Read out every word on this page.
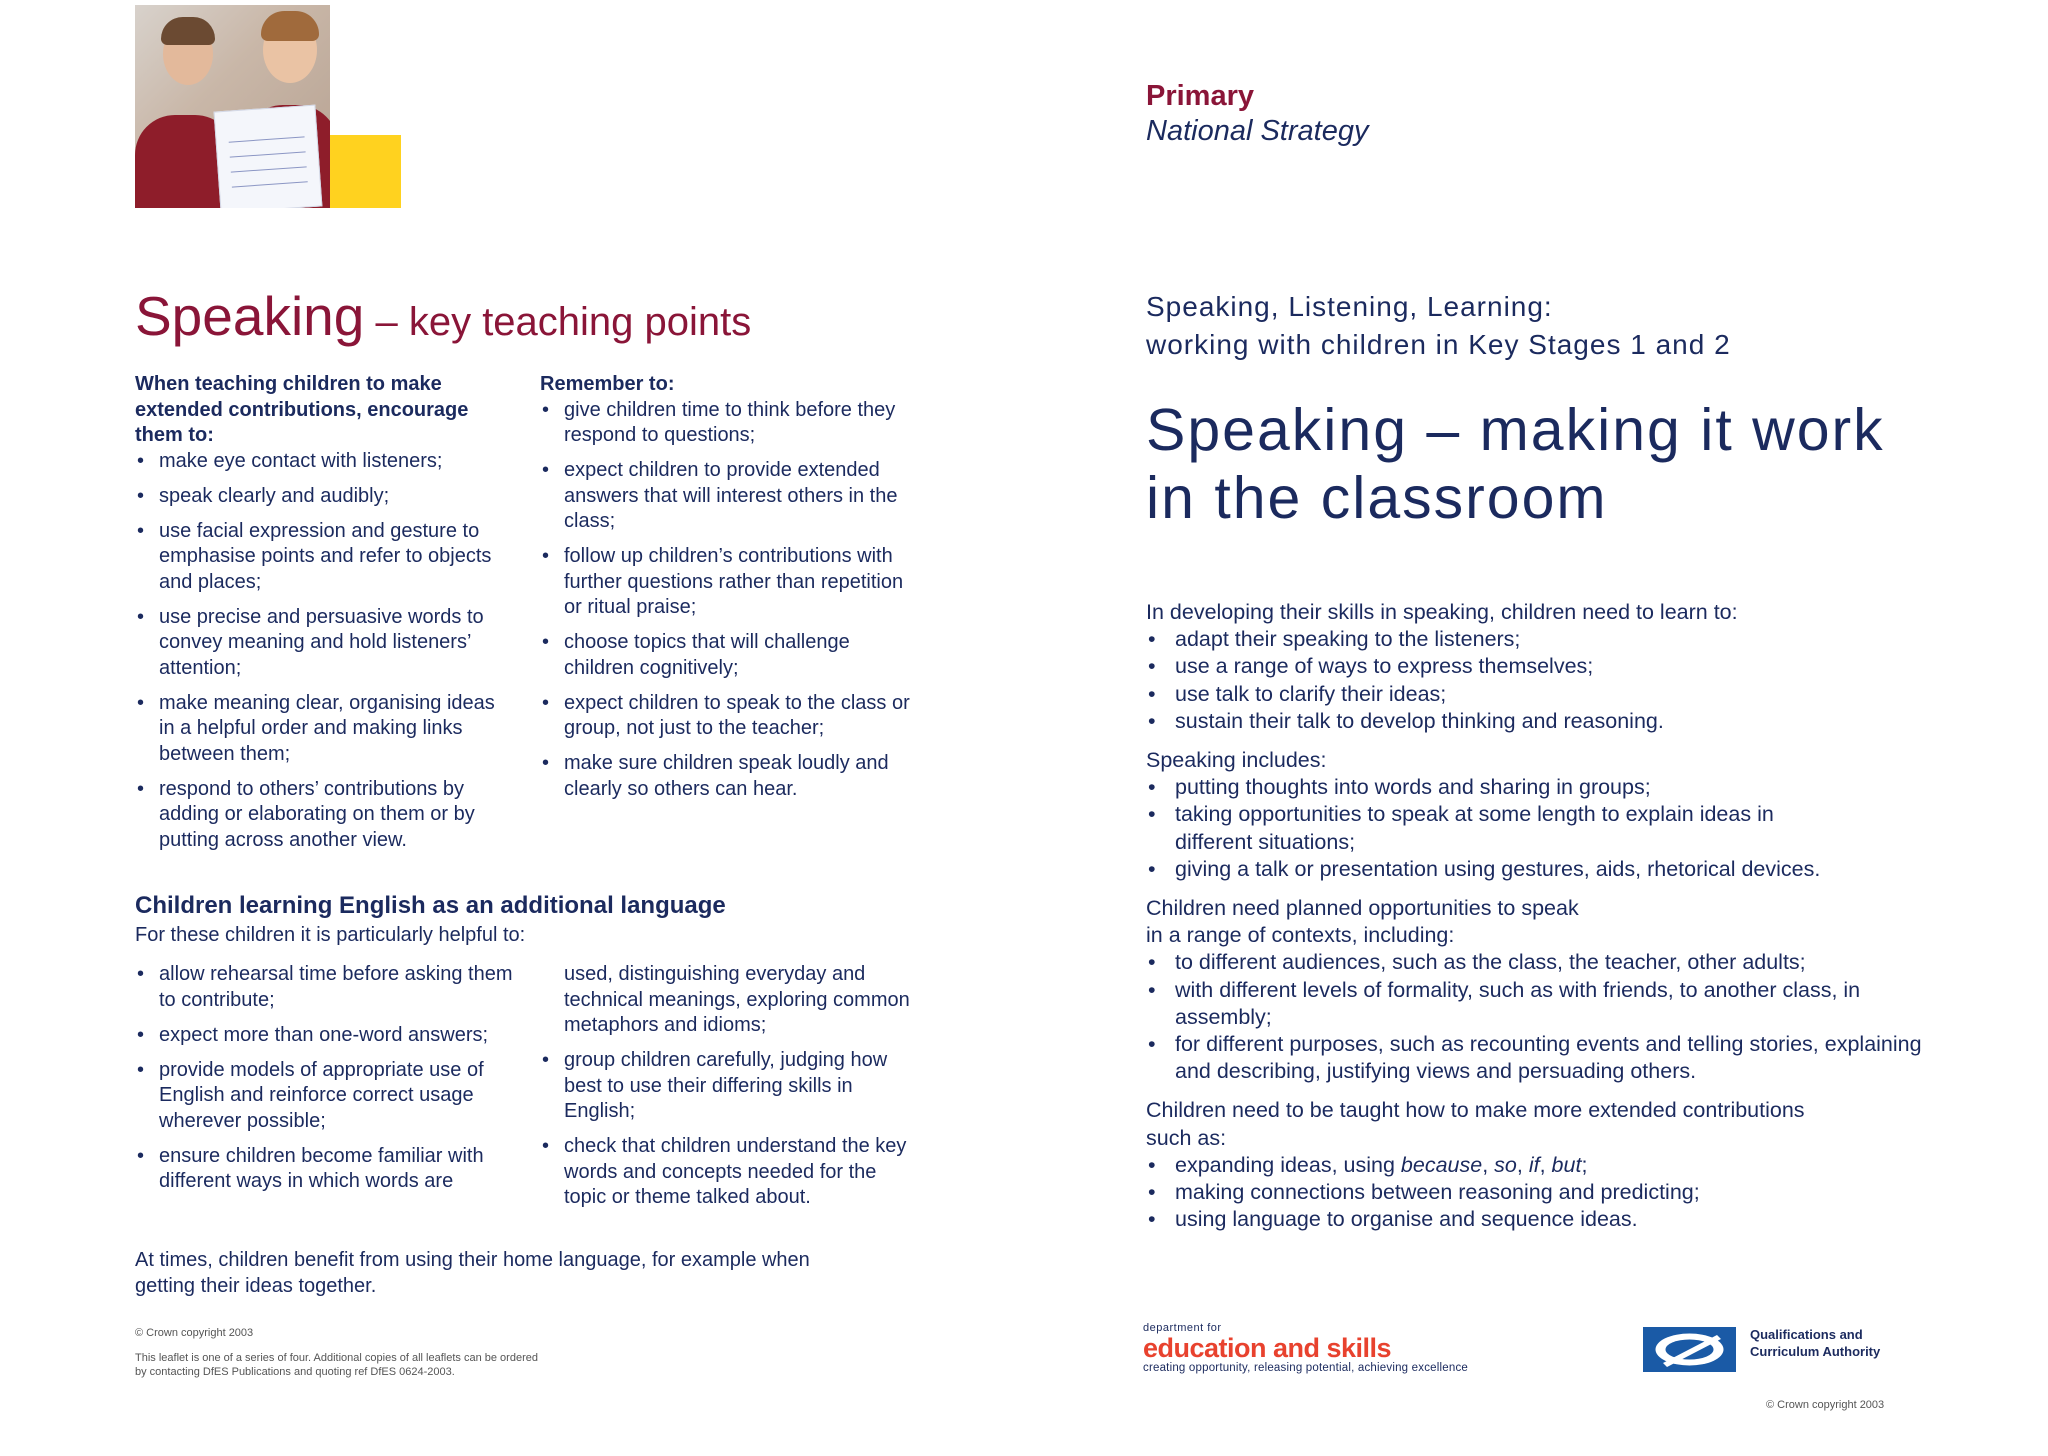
Primary
National Strategy
Speaking – key teaching points
When teaching children to make extended contributions, encourage them to:
• make eye contact with listeners;
• speak clearly and audibly;
• use facial expression and gesture to emphasise points and refer to objects and places;
• use precise and persuasive words to convey meaning and hold listeners’ attention;
• make meaning clear, organising ideas in a helpful order and making links between them;
• respond to others’ contributions by adding or elaborating on them or by putting across another view.
Remember to:
• give children time to think before they respond to questions;
• expect children to provide extended answers that will interest others in the class;
• follow up children’s contributions with further questions rather than repetition or ritual praise;
• choose topics that will challenge children cognitively;
• expect children to speak to the class or group, not just to the teacher;
• make sure children speak loudly and clearly so others can hear.
Children learning English as an additional language
For these children it is particularly helpful to:
• allow rehearsal time before asking them to contribute;
• expect more than one-word answers;
• provide models of appropriate use of English and reinforce correct usage wherever possible;
• ensure children become familiar with different ways in which words are
used, distinguishing everyday and technical meanings, exploring common metaphors and idioms;
• group children carefully, judging how best to use their differing skills in English;
• check that children understand the key words and concepts needed for the topic or theme talked about.
At times, children benefit from using their home language, for example when getting their ideas together.
© Crown copyright 2003
This leaflet is one of a series of four. Additional copies of all leaflets can be ordered
by contacting DfES Publications and quoting ref DfES 0624-2003.
Speaking, Listening, Learning:
working with children in Key Stages 1 and 2
Speaking – making it work
in the classroom

In developing their skills in speaking, children need to learn to:

• adapt their speaking to the listeners;
• use a range of ways to express themselves;
• use talk to clarify their ideas;
• sustain their talk to develop thinking and reasoning.

Speaking includes:

• putting thoughts into words and sharing in groups;
• taking opportunities to speak at some length to explain ideas in different situations;
• giving a talk or presentation using gestures, aids, rhetorical devices.

Children need planned opportunities to speak in a range of contexts, including:

• to different audiences, such as the class, the teacher, other adults;
• with different levels of formality, such as with friends, to another class, in assembly;
• for different purposes, such as recounting events and telling stories, explaining and describing, justifying views and persuading others.

Children need to be taught how to make more extended contributions such as:

• expanding ideas, using because, so, if, but;
• making connections between reasoning and predicting;
• using language to organise and sequence ideas.
department for
education and skills
creating opportunity, releasing potential, achieving excellence
Qualifications and
Curriculum Authority
© Crown copyright 2003
